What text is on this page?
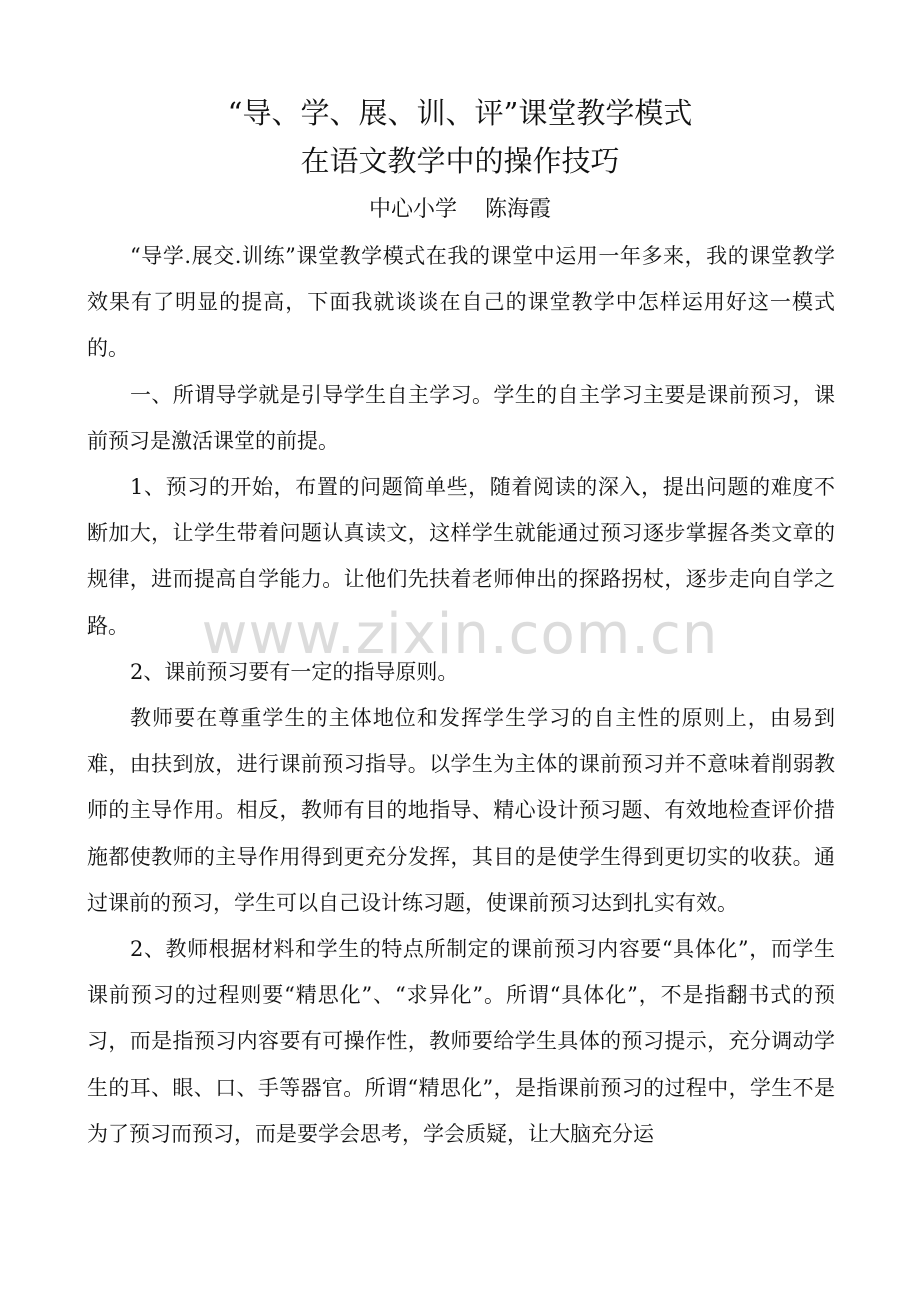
“导、学、展、训、评”课堂教学模式
在语文教学中的操作技巧
中心小学    陈海霞

“导学.展交.训练”课堂教学模式在我的课堂中运用一年多来，我的课堂教学效果有了明显的提高，下面我就谈谈在自己的课堂教学中怎样运用好这一模式的。

一、所谓导学就是引导学生自主学习。学生的自主学习主要是课前预习，课前预习是激活课堂的前提。

1、预习的开始，布置的问题简单些，随着阅读的深入，提出问题的难度不断加大，让学生带着问题认真读文，这样学生就能通过预习逐步掌握各类文章的规律，进而提高自学能力。让他们先扶着老师伸出的探路拐杖，逐步走向自学之路。

2、课前预习要有一定的指导原则。

教师要在尊重学生的主体地位和发挥学生学习的自主性的原则上，由易到难，由扶到放，进行课前预习指导。以学生为主体的课前预习并不意味着削弱教师的主导作用。相反，教师有目的地指导、精心设计预习题、有效地检查评价措施都使教师的主导作用得到更充分发挥，其目的是使学生得到更切实的收获。通过课前的预习，学生可以自己设计练习题，使课前预习达到扎实有效。

2、教师根据材料和学生的特点所制定的课前预习内容要“具体化”，而学生课前预习的过程则要“精思化”、“求异化”。所谓“具体化”，不是指翻书式的预习，而是指预习内容要有可操作性，教师要给学生具体的预习提示，充分调动学生的耳、眼、口、手等器官。所谓“精思化”，是指课前预习的过程中，学生不是为了预习而预习，而是要学会思考，学会质疑，让大脑充分运

www.zixin.com.cn
